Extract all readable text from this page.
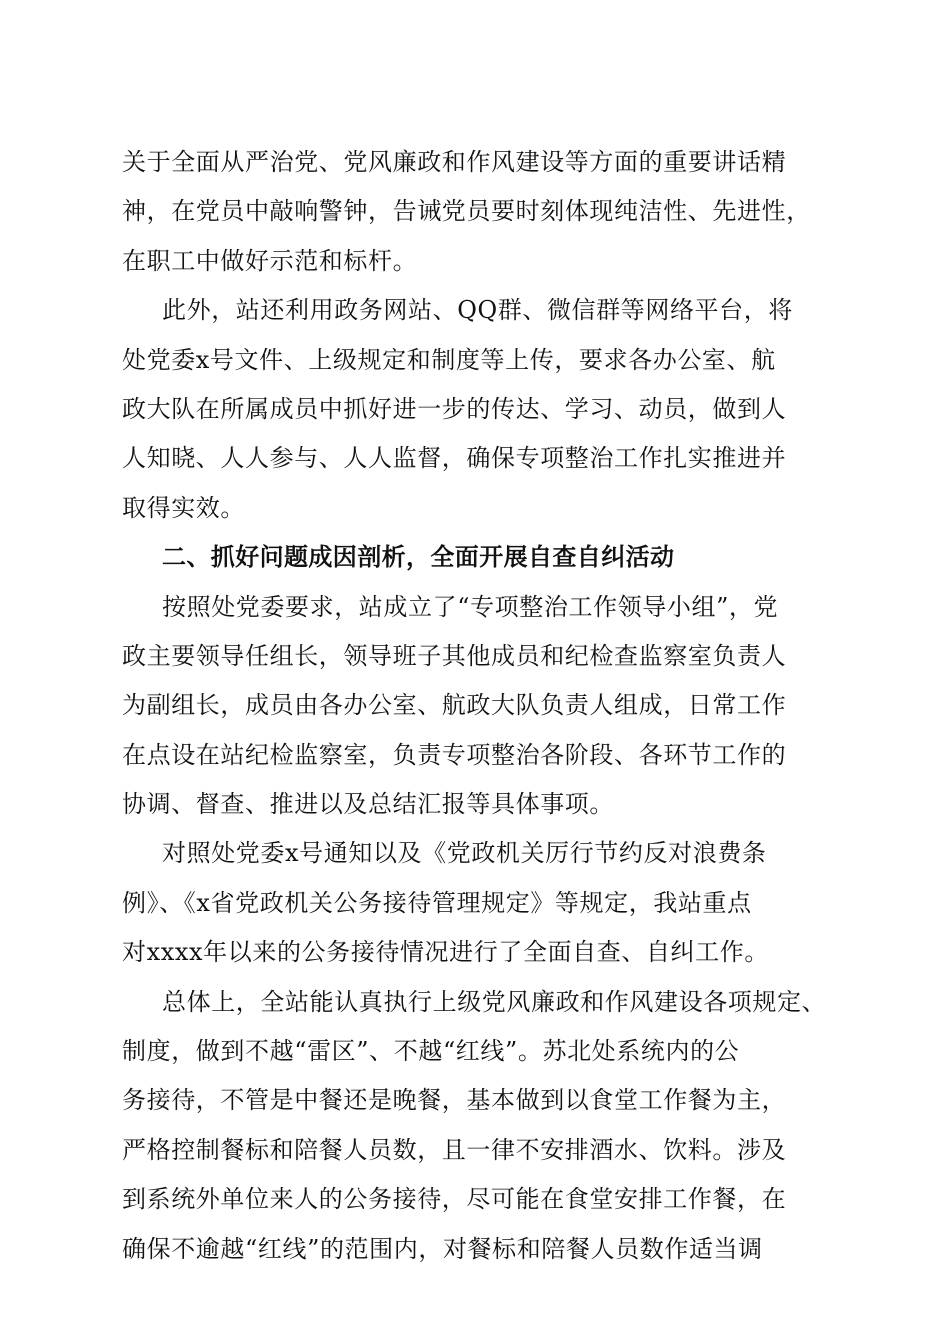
关于全面从严治党、党风廉政和作风建设等方面的重要讲话精
神，在党员中敲响警钟，告诫党员要时刻体现纯洁性、先进性，
在职工中做好示范和标杆。
此外，站还利用政务网站、QQ群、微信群等网络平台，将
处党委x号文件、上级规定和制度等上传，要求各办公室、航
政大队在所属成员中抓好进一步的传达、学习、动员，做到人
人知晓、人人参与、人人监督，确保专项整治工作扎实推进并
取得实效。
二、抓好问题成因剖析，全面开展自查自纠活动
按照处党委要求，站成立了“专项整治工作领导小组”，党
政主要领导任组长，领导班子其他成员和纪检查监察室负责人
为副组长，成员由各办公室、航政大队负责人组成，日常工作
在点设在站纪检监察室，负责专项整治各阶段、各环节工作的
协调、督查、推进以及总结汇报等具体事项。
对照处党委x号通知以及《党政机关厉行节约反对浪费条
例》、《x省党政机关公务接待管理规定》等规定，我站重点
对xxxx年以来的公务接待情况进行了全面自查、自纠工作。
总体上，全站能认真执行上级党风廉政和作风建设各项规定、
制度，做到不越“雷区”、不越“红线”。苏北处系统内的公
务接待，不管是中餐还是晚餐，基本做到以食堂工作餐为主，
严格控制餐标和陪餐人员数，且一律不安排酒水、饮料。涉及
到系统外单位来人的公务接待，尽可能在食堂安排工作餐，在
确保不逾越“红线”的范围内，对餐标和陪餐人员数作适当调
